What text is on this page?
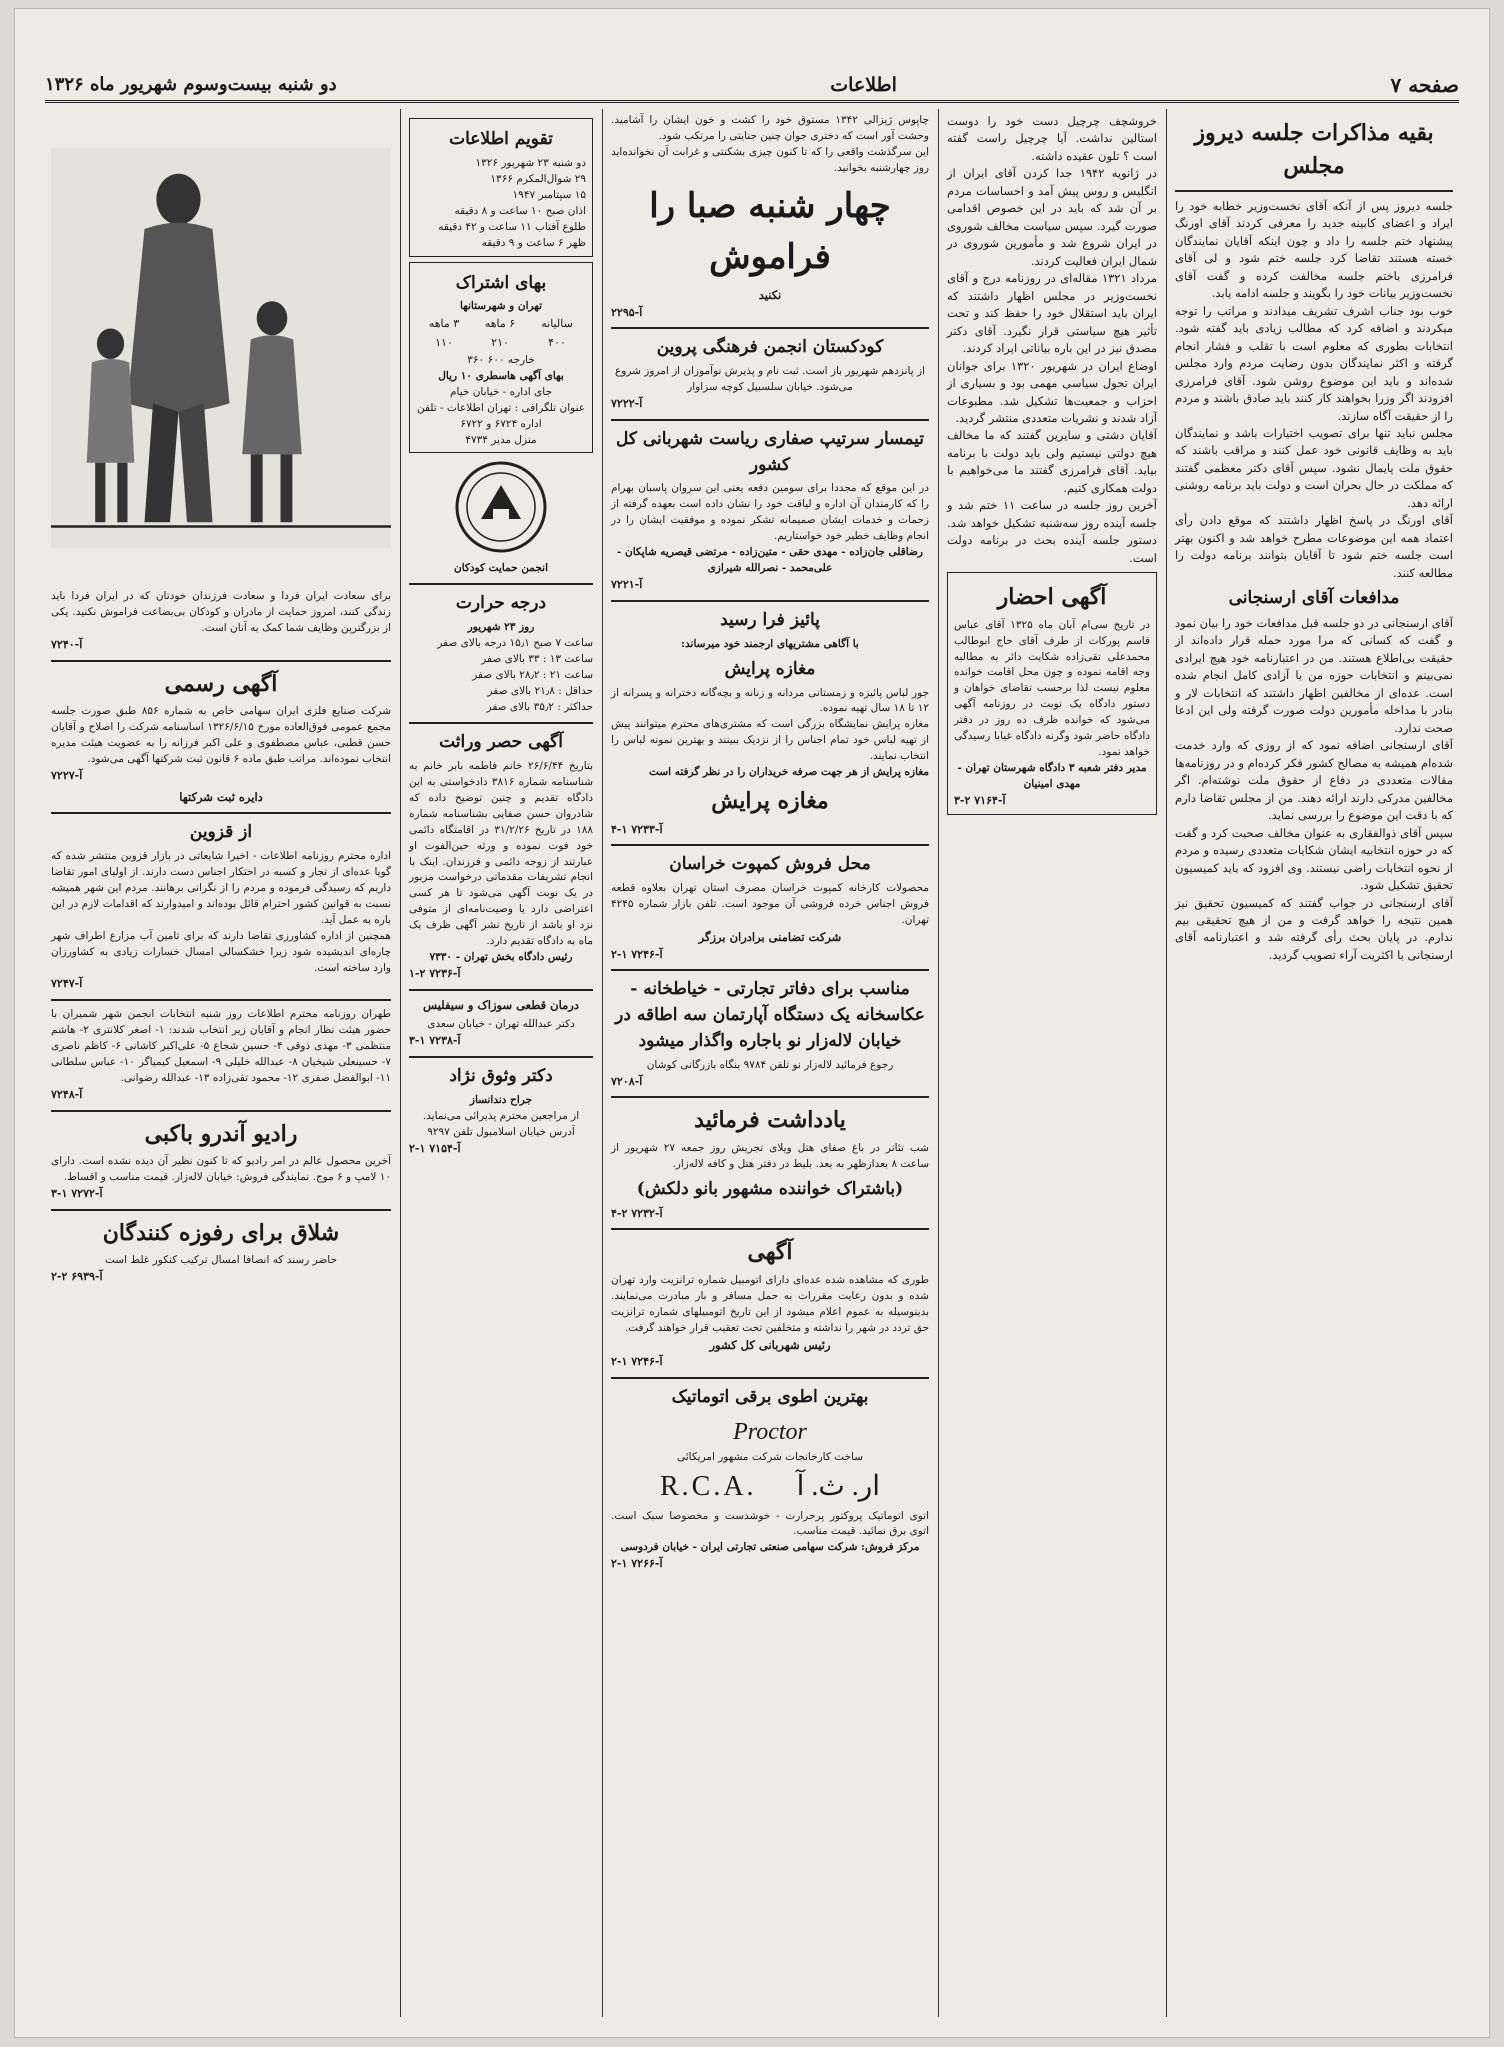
صفحه ۷
اطلاعات
دو شنبه بیست‌وسوم شهریور ماه ۱۳۲۶
بقیه مذاکرات جلسه دیروز مجلس

جلسه دیروز پس از آنکه آقای نخست‌وزیر خطابه خود را ایراد و اعضای کابینه جدید را معرفی کردند آقای اورنگ پیشنهاد ختم جلسه را داد و چون اینکه آقایان نمایندگان خسته هستند تقاضا کرد جلسه ختم شود و لی آقای فرامرزی باختم جلسه مخالفت کرده و گفت آقای نخست‌وزیر بیانات خود را بگویند و جلسه ادامه یابد.

خوب بود جناب اشرف تشریف میدادند و مراتب را توجه میکردند و اضافه کرد که مطالب زیادی باید گفته شود. انتخابات بطوری که معلوم است با تقلب و فشار انجام گرفته و اکثر نمایندگان بدون رضایت مردم وارد مجلس شده‌اند و باید این موضوع روشن شود. آقای فرامرزی افزودند اگر وزرا بخواهند کار کنند باید صادق باشند و مردم را از حقیقت آگاه سازند.

مجلس نباید تنها برای تصویب اختیارات باشد و نمایندگان باید به وظایف قانونی خود عمل کنند و مراقب باشند که حقوق ملت پایمال نشود. سپس آقای دکتر معظمی گفتند که مملکت در حال بحران است و دولت باید برنامه روشنی ارائه دهد.

آقای اورنگ در پاسخ اظهار داشتند که موقع دادن رأی اعتماد همه این موضوعات مطرح خواهد شد و اکنون بهتر است جلسه ختم شود تا آقایان بتوانند برنامه دولت را مطالعه کنند.

مدافعات آقای ارسنجانی

آقای ارسنجانی در دو جلسه قبل مدافعات خود را بیان نمود و گفت که کسانی که مرا مورد حمله قرار داده‌اند از حقیقت بی‌اطلاع هستند. من در اعتبارنامه خود هیچ ایرادی نمی‌بینم و انتخابات حوزه من با آزادی کامل انجام شده است. عده‌ای از مخالفین اظهار داشتند که انتخابات لار و بنادر با مداخله مأمورین دولت صورت گرفته ولی این ادعا صحت ندارد.

آقای ارسنجانی اضافه نمود که از روزی که وارد خدمت شده‌ام همیشه به مصالح کشور فکر کرده‌ام و در روزنامه‌ها مقالات متعددی در دفاع از حقوق ملت نوشته‌ام. اگر مخالفین مدرکی دارند ارائه دهند. من از مجلس تقاضا دارم که با دقت این موضوع را بررسی نماید.

سپس آقای ذوالفقاری به عنوان مخالف صحبت کرد و گفت که در حوزه انتخابیه ایشان شکایات متعددی رسیده و مردم از نحوه انتخابات راضی نیستند. وی افزود که باید کمیسیون تحقیق تشکیل شود.

آقای ارسنجانی در جواب گفتند که کمیسیون تحقیق نیز همین نتیجه را خواهد گرفت و من از هیچ تحقیقی بیم ندارم. در پایان بحث رأی گرفته شد و اعتبارنامه آقای ارسنجانی با اکثریت آراء تصویب گردید.

خروشچف چرچیل دست خود را دوست استالین نداشت. آیا چرچیل راست گفته است ؟ تلون عقیده داشته.

در ژانویه ۱۹۴۲ جدا کردن آقای ایران از انگلیس و روس پیش آمد و احساسات مردم بر آن شد که باید در این خصوص اقدامی صورت گیرد. سپس سیاست مخالف شوروی در ایران شروع شد و مأمورین شوروی در شمال ایران فعالیت کردند.

مرداد ۱۳۲۱ مقاله‌ای در روزنامه درج و آقای نخست‌وزیر در مجلس اظهار داشتند که ایران باید استقلال خود را حفظ کند و تحت تأثیر هیچ سیاستی قرار نگیرد. آقای دکتر مصدق نیز در این باره بیاناتی ایراد کردند.

اوضاع ایران در شهریور ۱۳۲۰ برای جوانان ایران تحول سیاسی مهمی بود و بسیاری از احزاب و جمعیت‌ها تشکیل شد. مطبوعات آزاد شدند و نشریات متعددی منتشر گردید.

آقایان دشتی و سایرین گفتند که ما مخالف هیچ دولتی نیستیم ولی باید دولت با برنامه بیاید. آقای فرامرزی گفتند ما می‌خواهیم با دولت همکاری کنیم.

آخرین روز جلسه در ساعت ۱۱ ختم شد و جلسه آینده روز سه‌شنبه تشکیل خواهد شد. دستور جلسه آینده بحث در برنامه دولت است.

آگهی احضار

در تاریخ سی‌ام آبان ماه ۱۳۲۵ آقای عباس قاسم پورکات از طرف آقای حاج ابوطالب محمدعلی تقی‌زاده شکایت دائر به مطالبه وجه اقامه نموده و چون محل اقامت خوانده معلوم نیست لذا برحسب تقاضای خواهان و دستور دادگاه یک نوبت در روزنامه آگهی می‌شود که خوانده ظرف ده روز در دفتر دادگاه حاضر شود وگرنه دادگاه غیابا رسیدگی خواهد نمود.

مدیر دفتر شعبه ۳ دادگاه شهرستان تهران - مهدی امینیان

آ-۷۱۶۴ ۲-۳

چاپوس ژیزالی ۱۳۴۲ مستوق خود را کشت و خون ایشان را آشامید. وحشت آور است که دختری جوان چنین جنایتی را مرتکب شود.

این سرگذشت واقعی را که تا کنون چیزی بشکنتی و غرابت آن نخوانده‌اید روز چهارشنبه بخوانید.

چهار شنبه صبا را فراموش
نکنید
آ-۲۲۹۵
کودکستان انجمن فرهنگی پروین

از پانزدهم شهریور باز است. ثبت نام و پذیرش نوآموزان از امروز شروع می‌شود. خیابان سلسبیل کوچه سزاوار

آ-۷۲۲۲
تیمسار سرتیپ صفاری ریاست شهربانی کل کشور

در این موقع که مجددا برای سومین دفعه یعنی این سروان پاسبان بهرام را که کارمندان آن اداره و لیاقت خود را نشان داده است بعهده گرفته از زحمات و خدمات ایشان صمیمانه تشکر نموده و موفقیت ایشان را در انجام وظایف خطیر خود خواستاریم.

رضاقلی جان‌زاده - مهدی حقی - متین‌زاده - مرتضی قیصریه شاپکان - علی‌محمد - نصرالله شیرازی

آ-۷۲۲۱
پائیز فرا رسید
با آگاهی مشتریهای ارجمند خود میرساند:
مغازه پرایش

جور لباس پائیزه و زمستانی مردانه و زنانه و بچه‌گانه دخترانه و پسرانه از ۱۲ تا ۱۸ سال تهیه نموده.

مغازه پرایش نمایشگاه بزرگی است که مشتری‌های محترم میتوانند پیش از تهیه لباس خود تمام اجناس را از نزدیک ببینند و بهترین نمونه لباس را انتخاب نمایند.

مغازه پرایش از هر جهت صرفه خریداران را در نظر گرفته است

مغازه پرایش
آ-۷۲۳۳ ۱-۴
محل فروش کمپوت خراسان

محصولات کارخانه کمپوت خراسان مصرف استان تهران بعلاوه قطعه فروش اجناس خرده فروشی آن موجود است. تلفن بازار شماره ۴۲۴۵ تهران.

شرکت تضامنی برادران برزگر

آ-۷۲۴۶ ۱-۲
مناسب برای دفاتر تجارتی - خیاطخانه - عکاسخانه یک دستگاه آپارتمان سه اطاقه در خیابان لاله‌زار نو باجاره واگذار میشود

رجوع فرمائید لاله‌زار نو تلفن ۹۷۸۴ بنگاه بازرگانی کوشان

آ-۷۲۰۸
یادداشت فرمائید

شب تئاتر در باغ صفای هتل ویلای تجریش روز جمعه ۲۷ شهریور از ساعت ۸ بعدازظهر به بعد. بلیط در دفتر هتل و کافه لاله‌زار.

(باشتراک خواننده مشهور بانو دلکش)
آ-۷۲۳۲ ۲-۴
آگهی

طوری که مشاهده شده عده‌ای دارای اتومبیل شماره ترانزیت وارد تهران شده و بدون رعایت مقررات به حمل مسافر و بار مبادرت می‌نمایند. بدینوسیله به عموم اعلام میشود از این تاریخ اتومبیلهای شماره ترانزیت حق تردد در شهر را نداشته و متخلفین تحت تعقیب قرار خواهند گرفت.

رئیس شهربانی کل کشور

آ-۷۲۴۶ ۱-۲
بهترین اطوی برقی اتوماتیک
Proctor
ساخت کارخانجات شرکت مشهور امریکائی
R.C.A. ار. ث. آ

اتوی اتوماتیک پروکتور پرحرارت - خوشدست و مخصوصا سبک است. اتوی برق نمائید. قیمت مناسب.

مرکز فروش: شرکت سهامی صنعتی تجارتی ایران - خیابان فردوسی

آ-۷۲۶۶ ۱-۲
تقویم اطلاعات
دو شنبه ۲۳ شهریور ۱۳۲۶
۲۹ شوال‌المکرم ۱۳۶۶
۱۵ سپتامبر ۱۹۴۷
اذان صبح ۱۰ ساعت و ۸ دقیقه
طلوع آفتاب ۱۱ ساعت و ۴۲ دقیقه
ظهر ۶ ساعت و ۹ دقیقه
بهای اشتراک
تهران و شهرستانها
سالیانه	۶ ماهه	۳ ماهه
۴۰۰	۲۱۰	۱۱۰
خارجه ۶۰۰ ۳۶۰
بهای آگهی هاسطری ۱۰ ریال
جای اداره - خیابان خیام
عنوان تلگرافی : تهران اطلاعات - تلفن اداره ۶۷۲۴ و ۶۷۲۲
منزل مدیر ۴۷۳۴
انجمن حمایت کودکان
درجه حرارت
روز ۲۳ شهریور
ساعت ۷ صبح ۱۵٫۱ درجه بالای صفر
ساعت ۱۳ : ۳۳ بالای صفر
ساعت ۲۱ : ۲۸٫۲ بالای صفر
حداقل : ۲۱٫۸ بالای صفر
حداکثر : ۳۵٫۲ بالای صفر
آگهی حصر وراثت

بتاریخ ۲۶/۶/۴۴ خانم فاطمه بابر خانم به شناسنامه شماره ۳۸۱۶ دادخواستی به این دادگاه تقدیم و چنین توضیح داده که شادروان حسن صفایی بشناسنامه شماره ۱۸۸ در تاریخ ۳۱/۲/۲۶ در اقامتگاه دائمی خود فوت نموده و ورثه حین‌الفوت او عبارتند از زوجه دائمی و فرزندان. اینک با انجام تشریفات مقدماتی درخواست مزبور در یک نوبت آگهی می‌شود تا هر کسی اعتراضی دارد یا وصیت‌نامه‌ای از متوفی نزد او باشد از تاریخ نشر آگهی ظرف یک ماه به دادگاه تقدیم دارد.

رئیس دادگاه بخش تهران - ۷۳۳۰

آ-۷۲۳۶ ۲-۱
درمان قطعی سوزاک و سیفلیس

دکتر عبدالله تهران - خیابان سعدی

آ-۷۲۳۸ ۱-۳
دکتر وثوق نژاد
جراح دندانساز

از مراجعین محترم پذیرائی می‌نماید. آدرس خیابان اسلامبول تلفن ۹۲۹۷

آ-۷۱۵۴ ۱-۲

برای سعادت ایران فردا و سعادت فرزندان خودتان که در ایران فردا باید زندگی کنند، امروز حمایت از مادران و کودکان بی‌بضاعت فراموش نکنید. یکی از بزرگترین وظایف شما کمک به آنان است.

آ-۷۲۴۰
آگهی رسمی

شرکت صنایع فلزی ایران سهامی خاص به شماره ۸۵۶ طبق صورت جلسه مجمع عمومی فوق‌العاده مورخ ۱۳۲۶/۶/۱۵ اساسنامه شرکت را اصلاح و آقایان حسن قطبی، عباس مصطفوی و علی اکبر فرزانه را به عضویت هیئت مدیره انتخاب نموده‌اند. مراتب طبق ماده ۶ قانون ثبت شرکتها آگهی می‌شود.

آ-۷۲۲۷
دایره ثبت شرکتها
از قزوین

اداره محترم روزنامه اطلاعات - اخیرا شایعاتی در بازار قزوین منتشر شده که گویا عده‌ای از تجار و کسبه در احتکار اجناس دست دارند. از اولیای امور تقاضا داریم که رسیدگی فرموده و مردم را از نگرانی برهانند. مردم این شهر همیشه نسبت به قوانین کشور احترام قائل بوده‌اند و امیدوارند که اقدامات لازم در این باره به عمل آید.

همچنین از اداره کشاورزی تقاضا دارند که برای تامین آب مزارع اطراف شهر چاره‌ای اندیشیده شود زیرا خشکسالی امسال خسارات زیادی به کشاورزان وارد ساخته است.

آ-۷۲۴۷

طهران روزنامه محترم اطلاعات روز شنبه انتخابات انجمن شهر شمیران با حضور هیئت نظار انجام و آقایان زیر انتخاب شدند: ۱- اصغر کلانتری ۲- هاشم منتظمی ۳- مهدی ذوقی ۴- حسین شجاع ۵- علی‌اکبر کاشانی ۶- کاظم ناصری ۷- حسینعلی شیخیان ۸- عبدالله خلیلی ۹- اسمعیل کیمیاگر ۱۰- عباس سلطانی ۱۱- ابوالفضل صفری ۱۲- محمود تقی‌زاده ۱۳- عبدالله رضوانی.

آ-۷۲۴۸
رادیو آندرو باکبی

آخرین محصول عالم در امر رادیو که تا کنون نظیر آن دیده نشده است. دارای ۱۰ لامپ و ۶ موج. نمایندگی فروش: خیابان لاله‌زار. قیمت مناسب و اقساط.

آ-۷۲۷۲ ۱-۳
شلاق برای رفوزه کنندگان

حاضر رسند که انصافا امسال ترکیب کنکور غلط است

آ-۶۹۳۹ ۲-۲
